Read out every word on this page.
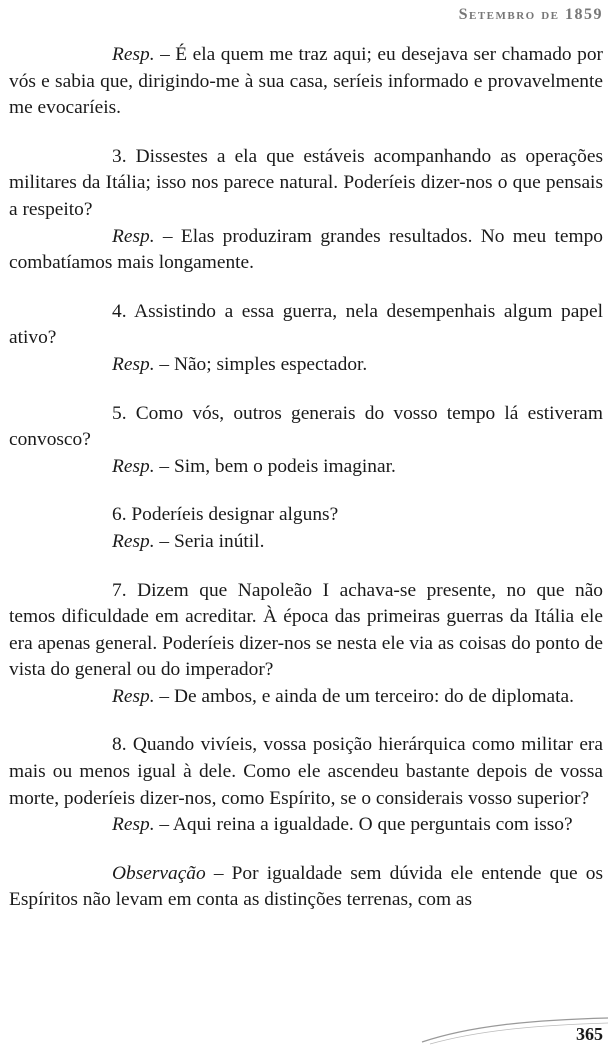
Setembro de 1859

Resp. – É ela quem me traz aqui; eu desejava ser chamado por vós e sabia que, dirigindo-me à sua casa, seríeis informado e provavelmente me evocaríeis.

3. Dissestes a ela que estáveis acompanhando as operações militares da Itália; isso nos parece natural. Poderíeis dizer-nos o que pensais a respeito?

Resp. – Elas produziram grandes resultados. No meu tempo combatíamos mais longamente.

4. Assistindo a essa guerra, nela desempenhais algum papel ativo?

Resp. – Não; simples espectador.

5. Como vós, outros generais do vosso tempo lá estiveram convosco?

Resp. – Sim, bem o podeis imaginar.

6. Poderíeis designar alguns?

Resp. – Seria inútil.

7. Dizem que Napoleão I achava-se presente, no que não temos dificuldade em acreditar. À época das primeiras guerras da Itália ele era apenas general. Poderíeis dizer-nos se nesta ele via as coisas do ponto de vista do general ou do imperador?

Resp. – De ambos, e ainda de um terceiro: do de diplomata.

8. Quando vivíeis, vossa posição hierárquica como militar era mais ou menos igual à dele. Como ele ascendeu bastante depois de vossa morte, poderíeis dizer-nos, como Espírito, se o considerais vosso superior?

Resp. – Aqui reina a igualdade. O que perguntais com isso?

Observação – Por igualdade sem dúvida ele entende que os Espíritos não levam em conta as distinções terrenas, com as

365
